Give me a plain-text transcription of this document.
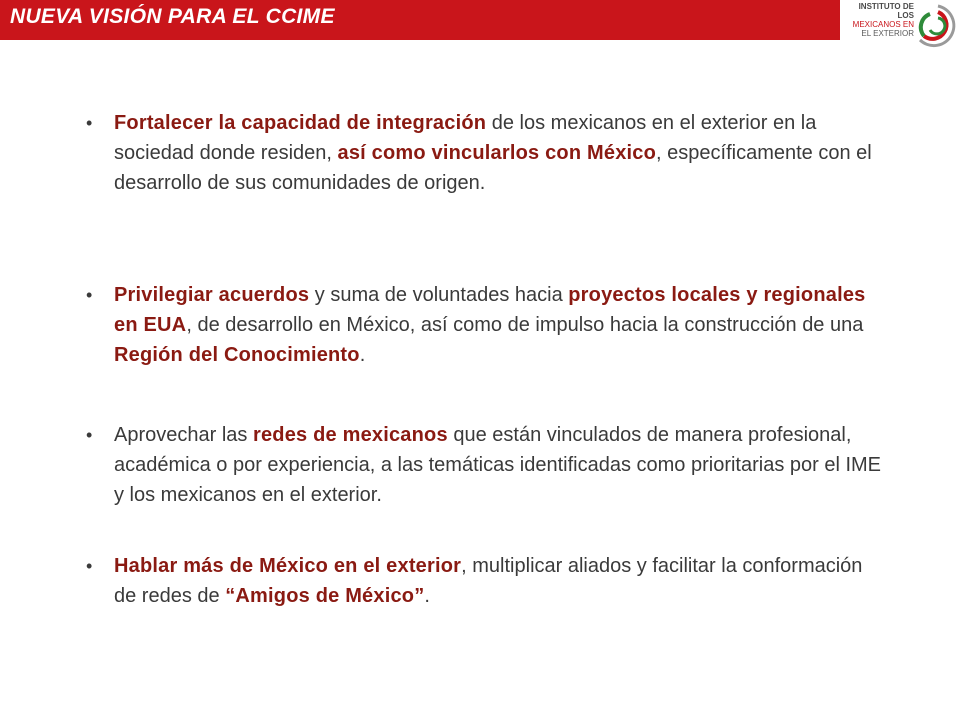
NUEVA VISIÓN PARA EL CCIME	INSTITUTO DE LOS
MEXICANOS EN
EL EXTERIOR
• Fortalecer la capacidad de integración de los mexicanos en el exterior en la sociedad donde residen, así como vincularlos con México, específicamente con el desarrollo de sus comunidades de origen.
• Privilegiar acuerdos y suma de voluntades hacia proyectos locales y regionales en EUA, de desarrollo en México, así como de impulso hacia la construcción de una Región del Conocimiento.
• Aprovechar las redes de mexicanos que están vinculados de manera profesional, académica o por experiencia, a las temáticas identificadas como prioritarias por el IME y los mexicanos en el exterior.
• Hablar más de México en el exterior, multiplicar aliados y facilitar la conformación de redes de “Amigos de México”.
